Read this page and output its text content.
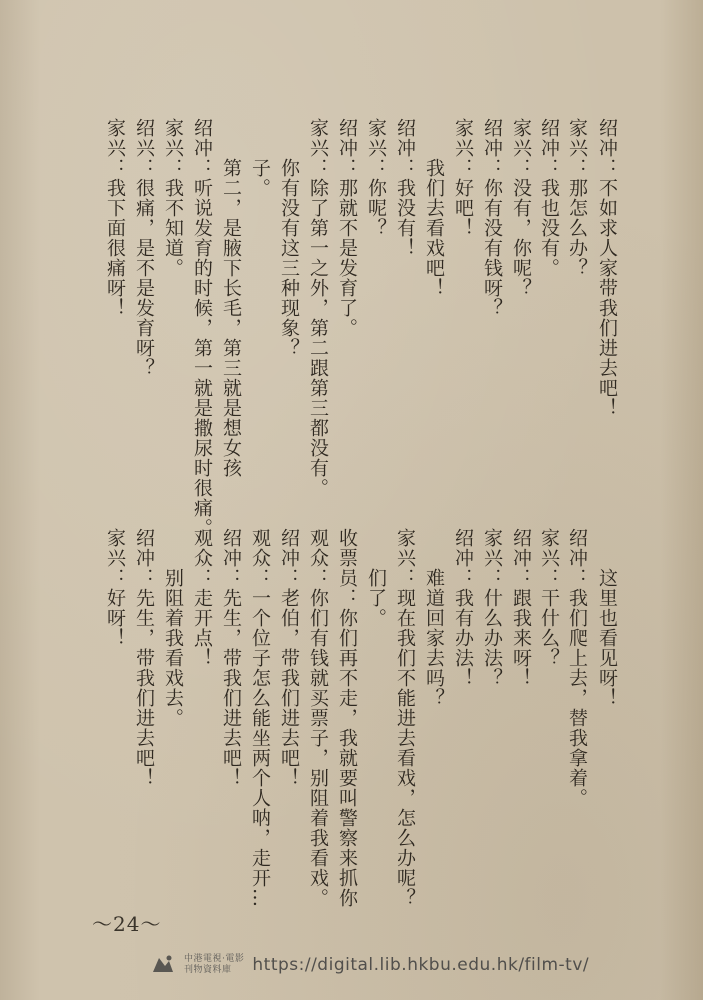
绍冲：不如求人家带我们进去吧！
家兴：那怎么办？
绍冲：我也没有。
家兴：没有，你呢？
绍冲：你有没有钱呀？
家兴：好吧！
　　我们去看戏吧！
绍冲：我没有！
家兴：你呢？
绍冲：那就不是发育了。
家兴：除了第一之外，第二跟第三都没有。
　　你有没有这三种现象？
　　子。
　　第二，是腋下长毛，第三就是想女孩
绍冲：听说发育的时候，第一就是撒尿时很痛。
家兴：我不知道。
绍兴：很痛，是不是发育呀？
家兴：我下面很痛呀！
　　这里也看见呀！
绍冲：我们爬上去，替我拿着。
家兴：干什么？
绍冲：跟我来呀！
家兴：什么办法？
绍冲：我有办法！
　　难道回家去吗？
家兴：现在我们不能进去看戏，怎么办呢？
　　们了。
收票员：你们再不走，我就要叫警察来抓你
观众：你们有钱就买票子，别阻着我看戏。
绍冲：老伯，带我们进去吧！
观众：一个位子怎么能坐两个人呐，走开…
绍冲：先生，带我们进去吧！
观众：走开点！
　　别阻着我看戏去。
绍冲：先生，带我们进去吧！
家兴：好呀！
～24～
中港電視·電影
刊物資料庫	https://digital.lib.hkbu.edu.hk/film-tv/
